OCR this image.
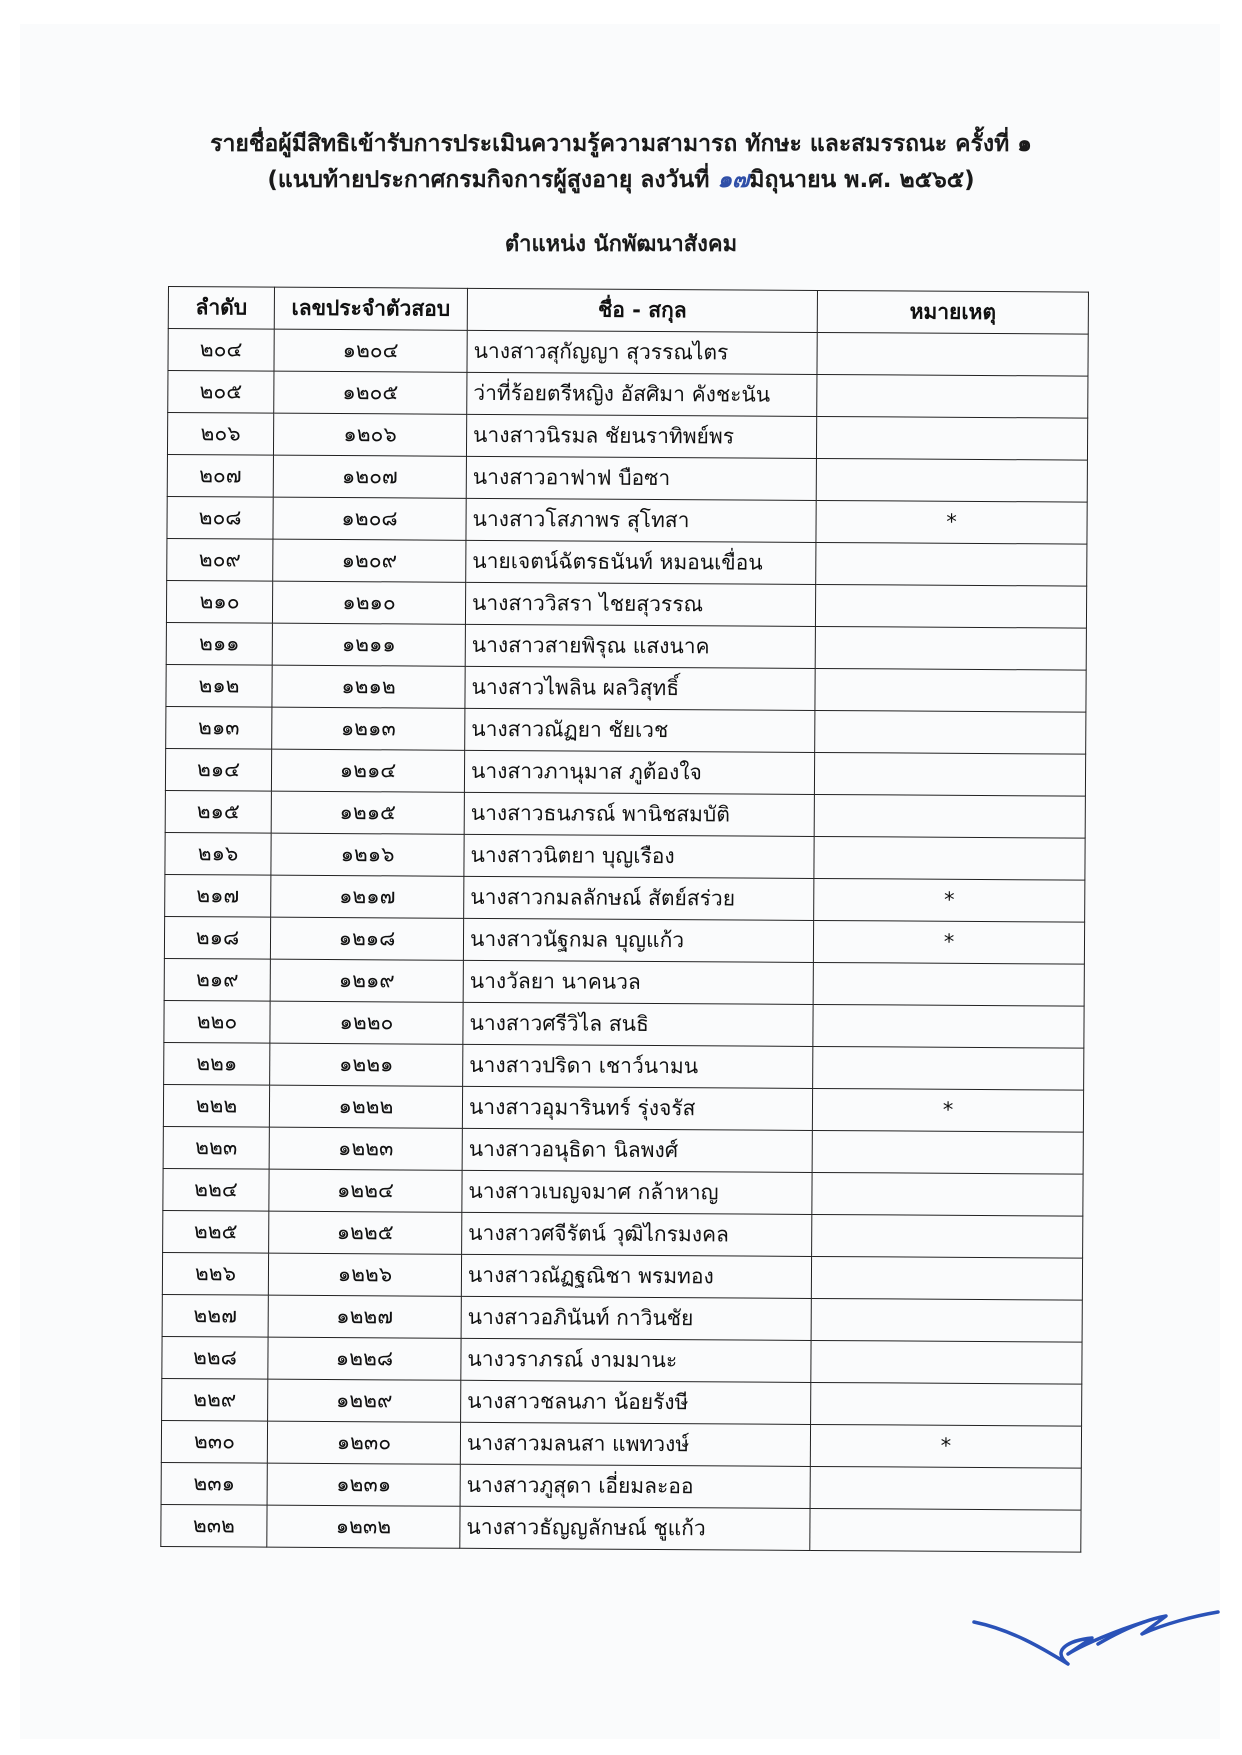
รายชื่อผู้มีสิทธิเข้ารับการประเมินความรู้ความสามารถ ทักษะ และสมรรถนะ ครั้งที่ ๑
(แนบท้ายประกาศกรมกิจการผู้สูงอายุ ลงวันที่ ๑๗มิถุนายน พ.ศ. ๒๕๖๕)
ตำแหน่ง นักพัฒนาสังคม
ลำดับ	เลขประจำตัวสอบ	ชื่อ - สกุล	หมายเหตุ
๒๐๔	๑๒๐๔	นางสาวสุกัญญา สุวรรณไตร	
๒๐๕	๑๒๐๕	ว่าที่ร้อยตรีหญิง อัสศิมา คังชะนัน	
๒๐๖	๑๒๐๖	นางสาวนิรมล ชัยนราทิพย์พร	
๒๐๗	๑๒๐๗	นางสาวอาฟาฟ บือซา	
๒๐๘	๑๒๐๘	นางสาวโสภาพร สุโทสา	*
๒๐๙	๑๒๐๙	นายเจตน์ฉัตรธนันท์ หมอนเขื่อน	
๒๑๐	๑๒๑๐	นางสาววิสรา ไชยสุวรรณ	
๒๑๑	๑๒๑๑	นางสาวสายพิรุณ แสงนาค	
๒๑๒	๑๒๑๒	นางสาวไพลิน ผลวิสุทธิ์	
๒๑๓	๑๒๑๓	นางสาวณัฏยา ชัยเวช	
๒๑๔	๑๒๑๔	นางสาวภานุมาส ภูต้องใจ	
๒๑๕	๑๒๑๕	นางสาวธนภรณ์ พานิชสมบัติ	
๒๑๖	๑๒๑๖	นางสาวนิตยา บุญเรือง	
๒๑๗	๑๒๑๗	นางสาวกมลลักษณ์ สัตย์สร่วย	*
๒๑๘	๑๒๑๘	นางสาวนัฐกมล บุญแก้ว	*
๒๑๙	๑๒๑๙	นางวัลยา นาคนวล	
๒๒๐	๑๒๒๐	นางสาวศรีวิไล สนธิ	
๒๒๑	๑๒๒๑	นางสาวปริดา เชาว์นามน	
๒๒๒	๑๒๒๒	นางสาวอุมารินทร์ รุ่งจรัส	*
๒๒๓	๑๒๒๓	นางสาวอนุธิดา นิลพงศ์	
๒๒๔	๑๒๒๔	นางสาวเบญจมาศ กล้าหาญ	
๒๒๕	๑๒๒๕	นางสาวศจีรัตน์ วุฒิไกรมงคล	
๒๒๖	๑๒๒๖	นางสาวณัฏฐณิชา พรมทอง	
๒๒๗	๑๒๒๗	นางสาวอภินันท์ กาวินชัย	
๒๒๘	๑๒๒๘	นางวราภรณ์ งามมานะ	
๒๒๙	๑๒๒๙	นางสาวชลนภา น้อยรังษี	
๒๓๐	๑๒๓๐	นางสาวมลนสา แพทวงษ์	*
๒๓๑	๑๒๓๑	นางสาวภูสุดา เอี่ยมละออ	
๒๓๒	๑๒๓๒	นางสาวธัญญลักษณ์ ชูแก้ว	
